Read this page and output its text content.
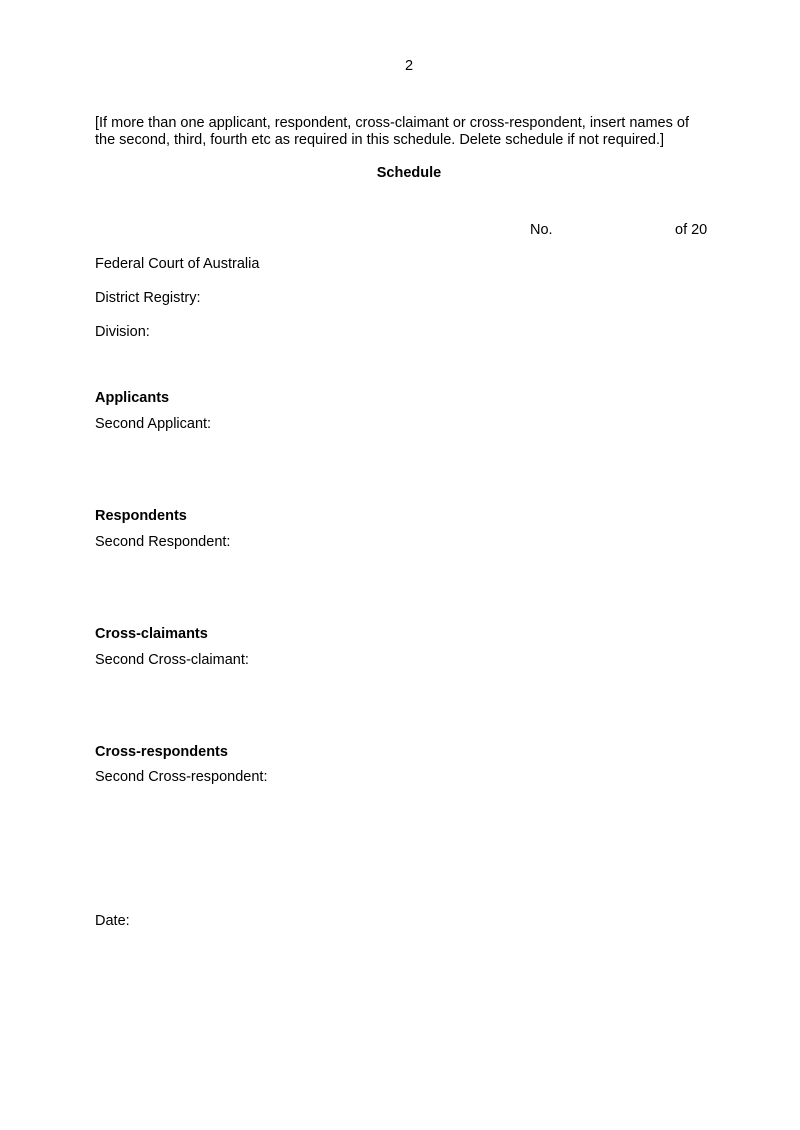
2
[If more than one applicant, respondent, cross-claimant or cross-respondent, insert names of
the second, third, fourth etc as required in this schedule. Delete schedule if not required.]
Schedule
No.	of 20
Federal Court of Australia
District Registry:
Division:
Applicants
Second Applicant:
Respondents
Second Respondent:
Cross-claimants
Second Cross-claimant:
Cross-respondents
Second Cross-respondent:
Date:
